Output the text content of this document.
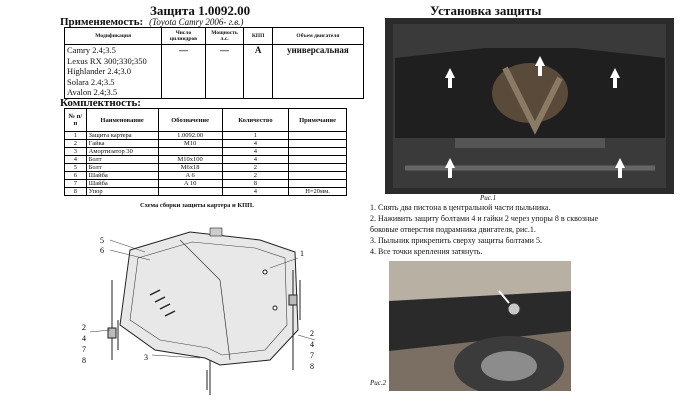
Защита 1.0092.00	Установка защиты
Применяемость: (Toyota Camry 2006- г.в.)
Модификация	Число цилиндров	Мощность л.с.	КПП	Объем двигателя

Camry 2.4;3.5
Lexus RX 300;330;350
Highlander 2.4;3.0
Solara 2.4;3.5
Avalon 2.4;3.5	—	—	A	универсальная
Комплектность:
№ п/п	Наименование	Обозначение	Количество	Примечание
1	Защита картера	1.0092.00	1	
2	Гайка	M10	4	
3	Амортизатор 30		4	
4	Болт	M10x100	4	
5	Болт	M6x18	2	
6	Шайба	A 6	2	
7	Шайба	A 10	8	
8	Упор		4	H=20мм.
Схема сборки защиты картера и КПП.
5
6	1
3
2
4
7
8
2
4
7
8
Рис.1
1. Снять два пистона в центральной части пыльника.
2. Наживить защиту болтами 4 и гайки 2 через упоры 8 в сквозные
боковые отверстия подрамника двигателя, рис.1.
3. Пыльник прикрепить сверху защиты болтами 5.
4. Все точки крепления затянуть.
Рис.2
